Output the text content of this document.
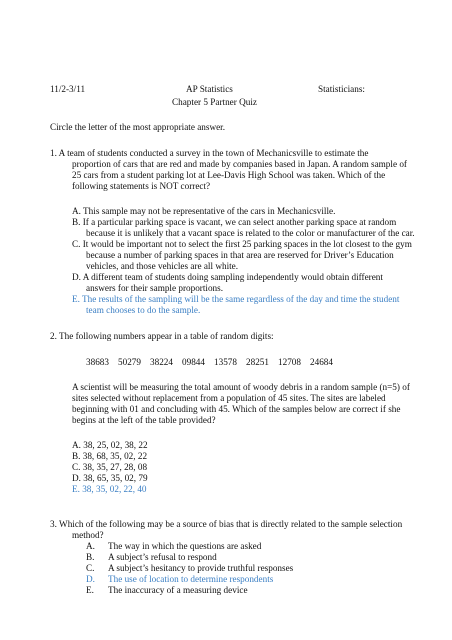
11/2-3/11	AP Statistics	Statisticians:
Chapter 5 Partner Quiz
Circle the letter of the most appropriate answer.
1. A team of students conducted a survey in the town of Mechanicsville to estimate the
proportion of cars that are red and made by companies based in Japan. A random sample of
25 cars from a student parking lot at Lee-Davis High School was taken. Which of the
following statements is NOT correct?
A. This sample may not be representative of the cars in Mechanicsville.
B. If a particular parking space is vacant, we can select another parking space at random
because it is unlikely that a vacant space is related to the color or manufacturer of the car.
C. It would be important not to select the first 25 parking spaces in the lot closest to the gym
because a number of parking spaces in that area are reserved for Driver’s Education
vehicles, and those vehicles are all white.
D. A different team of students doing sampling independently would obtain different
answers for their sample proportions.
E. The results of the sampling will be the same regardless of the day and time the student
team chooses to do the sample.
2. The following numbers appear in a table of random digits:
38683 50279 38224 09844 13578 28251 12708 24684
A scientist will be measuring the total amount of woody debris in a random sample (n=5) of
sites selected without replacement from a population of 45 sites. The sites are labeled
beginning with 01 and concluding with 45. Which of the samples below are correct if she
begins at the left of the table provided?
A. 38, 25, 02, 38, 22
B. 38, 68, 35, 02, 22
C. 38, 35, 27, 28, 08
D. 38, 65, 35, 02, 79
E. 38, 35, 02, 22, 40
3. Which of the following may be a source of bias that is directly related to the sample selection
method?
A. The way in which the questions are asked
B. A subject’s refusal to respond
C. A subject’s hesitancy to provide truthful responses
D. The use of location to determine respondents
E. The inaccuracy of a measuring device
